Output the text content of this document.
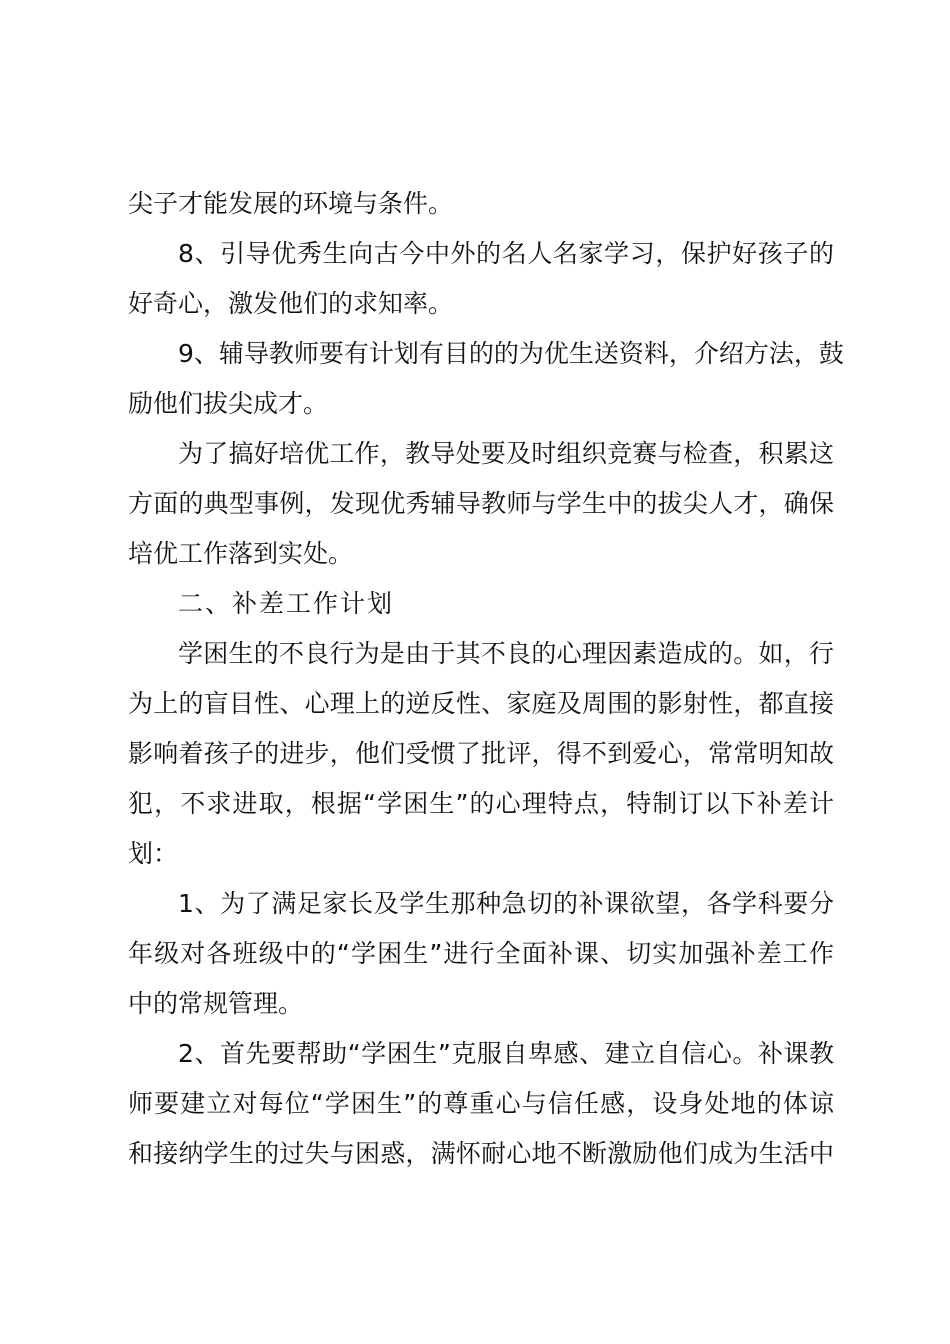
尖子才能发展的环境与条件。
8、引导优秀生向古今中外的名人名家学习，保护好孩子的
好奇心，激发他们的求知率。
9、辅导教师要有计划有目的的为优生送资料，介绍方法，鼓
励他们拔尖成才。
为了搞好培优工作，教导处要及时组织竞赛与检查，积累这
方面的典型事例，发现优秀辅导教师与学生中的拔尖人才，确保
培优工作落到实处。
二、补差工作计划
学困生的不良行为是由于其不良的心理因素造成的。如，行
为上的盲目性、心理上的逆反性、家庭及周围的影射性，都直接
影响着孩子的进步，他们受惯了批评，得不到爱心，常常明知故
犯，不求进取，根据“学困生”的心理特点，特制订以下补差计
划：
1、为了满足家长及学生那种急切的补课欲望，各学科要分
年级对各班级中的“学困生”进行全面补课、切实加强补差工作
中的常规管理。
2、首先要帮助“学困生”克服自卑感、建立自信心。补课教
师要建立对每位“学困生”的尊重心与信任感，设身处地的体谅
和接纳学生的过失与困惑，满怀耐心地不断激励他们成为生活中
